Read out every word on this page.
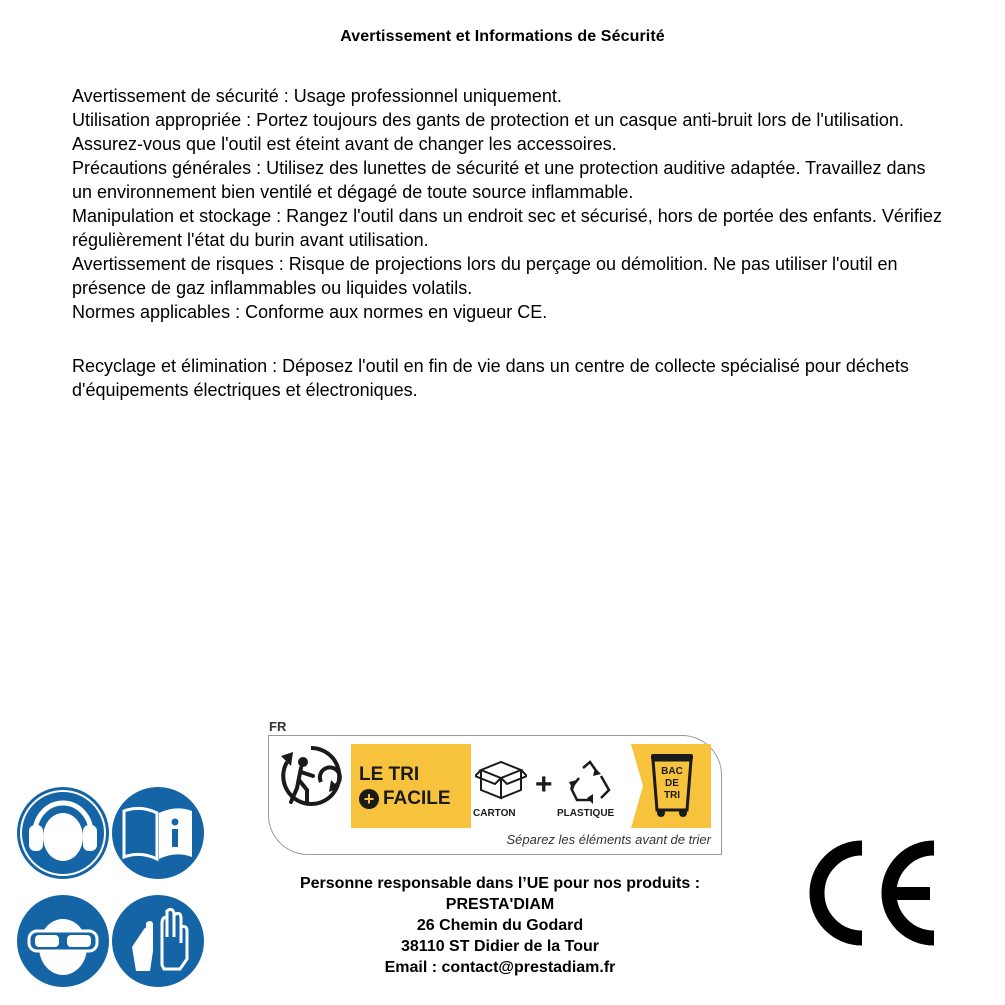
Avertissement et Informations de Sécurité

Avertissement de sécurité : Usage professionnel uniquement.

Utilisation appropriée : Portez toujours des gants de protection et un casque anti-bruit lors de l'utilisation. Assurez-vous que l'outil est éteint avant de changer les accessoires.

Précautions générales : Utilisez des lunettes de sécurité et une protection auditive adaptée. Travaillez dans un environnement bien ventilé et dégagé de toute source inflammable.

Manipulation et stockage : Rangez l'outil dans un endroit sec et sécurisé, hors de portée des enfants. Vérifiez régulièrement l'état du burin avant utilisation.

Avertissement de risques : Risque de projections lors du perçage ou démolition. Ne pas utiliser l'outil en présence de gaz inflammables ou liquides volatils.

Normes applicables : Conforme aux normes en vigueur CE.

Recyclage et élimination : Déposez l'outil en fin de vie dans un centre de collecte spécialisé pour déchets d'équipements électriques et électroniques.

FR
LE TRI
+ FACILE
CARTON
+
PLASTIQUE
BAC
DE
TRI
Séparez les éléments avant de trier
Personne responsable dans l’UE pour nos produits :
PRESTA'DIAM
26 Chemin du Godard
38110 ST Didier de la Tour
Email : contact@prestadiam.fr
